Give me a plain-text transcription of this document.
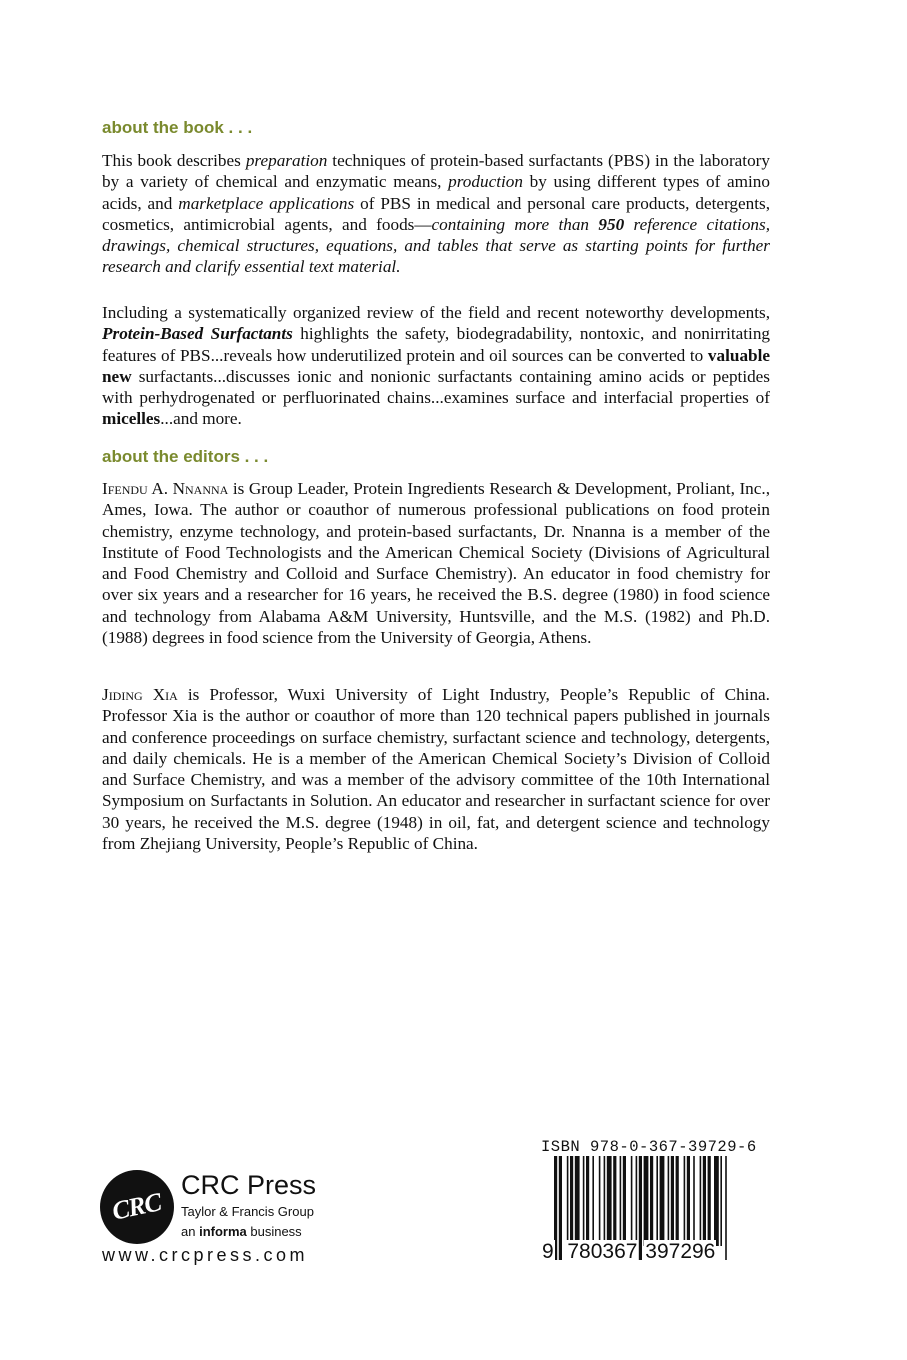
about the book . . .

This book describes preparation techniques of protein-based surfactants (PBS) in the laboratory by a variety of chemical and enzymatic means, production by using different types of amino acids, and marketplace applications of PBS in medical and personal care products, detergents, cosmetics, antimicrobial agents, and foods—containing more than 950 reference citations, drawings, chemical structures, equations, and tables that serve as starting points for further research and clarify essential text material.

Including a systematically organized review of the field and recent noteworthy developments, Protein-Based Surfactants highlights the safety, biodegradability, nontoxic, and nonirritating features of PBS...reveals how underutilized protein and oil sources can be converted to valuable new surfactants...discusses ionic and nonionic surfactants containing amino acids or peptides with perhydrogenated or perfluorinated chains...examines surface and interfacial properties of micelles...and more.

about the editors . . .

Ifendu A. Nnanna is Group Leader, Protein Ingredients Research & Development, Proliant, Inc., Ames, Iowa. The author or coauthor of numerous professional publications on food protein chemistry, enzyme technology, and protein-based surfactants, Dr. Nnanna is a member of the Institute of Food Technologists and the American Chemical Society (Divisions of Agricultural and Food Chemistry and Colloid and Surface Chemistry). An educator in food chemistry for over six years and a researcher for 16 years, he received the B.S. degree (1980) in food science and technology from Alabama A&M University, Huntsville, and the M.S. (1982) and Ph.D. (1988) degrees in food science from the University of Georgia, Athens.

Jiding Xia is Professor, Wuxi University of Light Industry, People’s Republic of China. Professor Xia is the author or coauthor of more than 120 technical papers published in journals and conference proceedings on surface chemistry, surfactant science and technology, detergents, and daily chemicals. He is a member of the American Chemical Society’s Division of Colloid and Surface Chemistry, and was a member of the advisory committee of the 10th International Symposium on Surfactants in Solution. An educator and researcher in surfactant science for over 30 years, he received the M.S. degree (1948) in oil, fat, and detergent science and technology from Zhejiang University, People’s Republic of China.

CRC
CRC Press
Taylor & Francis Group
an informa business
www.crcpress.com
ISBN 978-0-367-39729-6
9 780367 397296
